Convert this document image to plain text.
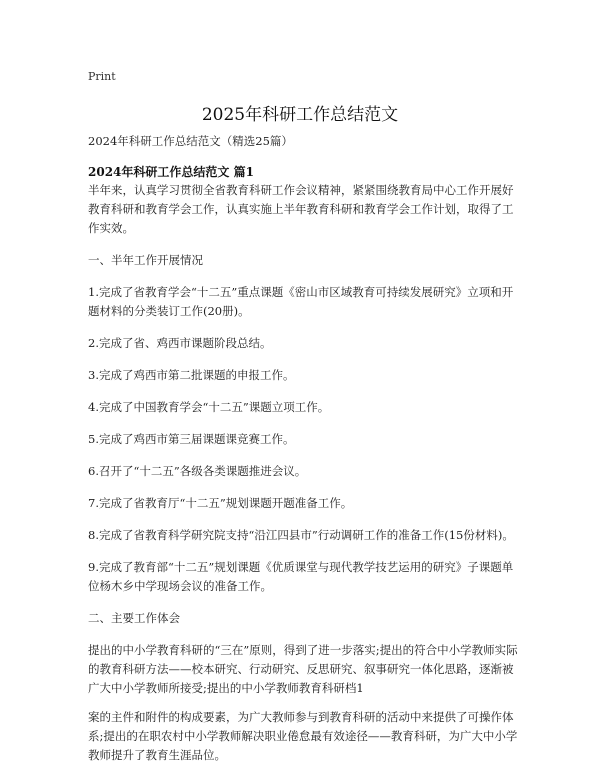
Print
2025年科研工作总结范文
2024年科研工作总结范文（精选25篇）
2024年科研工作总结范文 篇1

半年来，认真学习贯彻全省教育科研工作会议精神，紧紧围绕教育局中心工作开展好教育科研和教育学会工作，认真实施上半年教育科研和教育学会工作计划，取得了工作实效。

一、半年工作开展情况

1.完成了省教育学会“十二五”重点课题《密山市区域教育可持续发展研究》立项和开题材料的分类装订工作(20册)。

2.完成了省、鸡西市课题阶段总结。

3.完成了鸡西市第二批课题的申报工作。

4.完成了中国教育学会“十二五”课题立项工作。

5.完成了鸡西市第三届课题课竞赛工作。

6.召开了“十二五”各级各类课题推进会议。

7.完成了省教育厅“十二五”规划课题开题准备工作。

8.完成了省教育科学研究院支持“沿江四县市”行动调研工作的准备工作(15份材料)。

9.完成了教育部“十二五”规划课题《优质课堂与现代教学技艺运用的研究》子课题单位杨木乡中学现场会议的准备工作。

二、主要工作体会

提出的中小学教育科研的“三在”原则，得到了进一步落实;提出的符合中小学教师实际的教育科研方法——校本研究、行动研究、反思研究、叙事研究一体化思路，逐渐被广大中小学教师所接受;提出的中小学教师教育科研档1

案的主件和附件的构成要素，为广大教师参与到教育科研的活动中来提供了可操作体系;提出的在职农村中小学教师解决职业倦怠最有效途径——教育科研，为广大中小学教师提升了教育生涯品位。
